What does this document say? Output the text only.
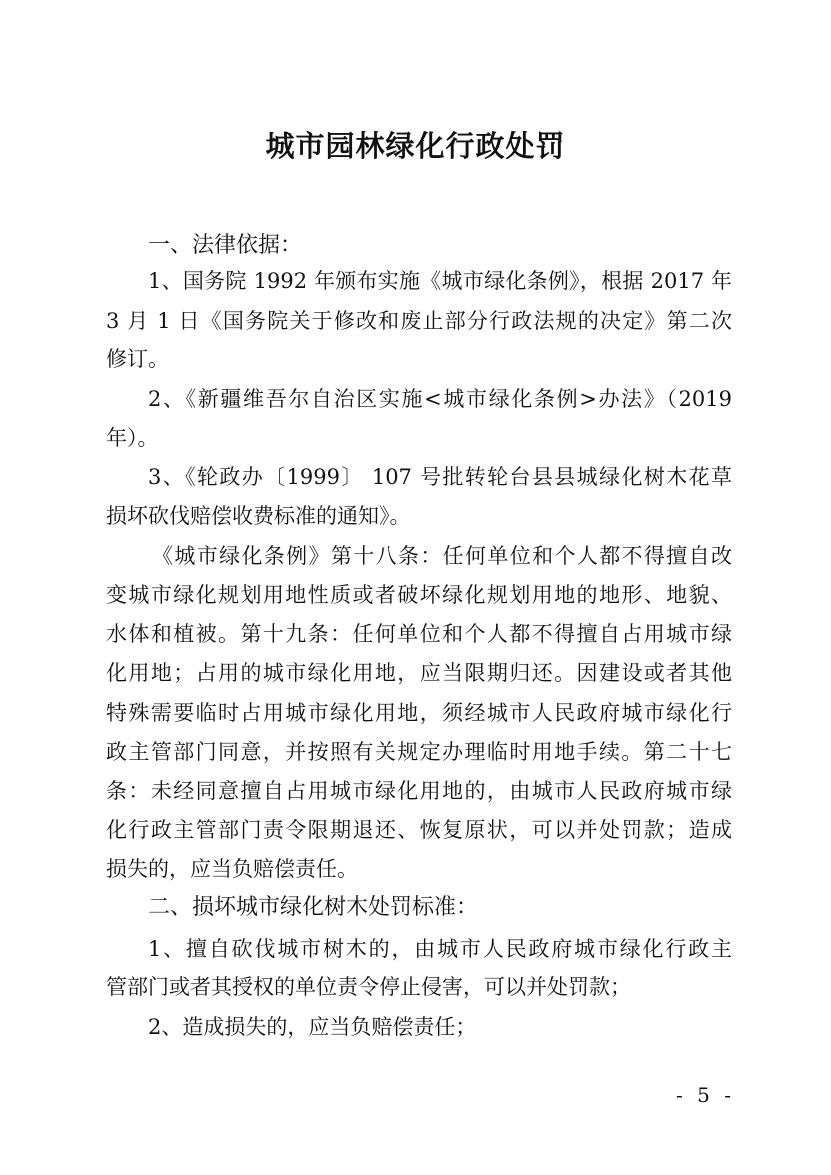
城市园林绿化行政处罚
一、法律依据：
1、国务院 1992 年颁布实施《城市绿化条例》，根据 2017 年
3 月 1 日《国务院关于修改和废止部分行政法规的决定》第二次
修订。
2、《新疆维吾尔自治区实施<城市绿化条例>办法》（2019
年）。
3、《轮政办〔1999〕 107 号批转轮台县县城绿化树木花草
损坏砍伐赔偿收费标准的通知》。
《城市绿化条例》第十八条：任何单位和个人都不得擅自改
变城市绿化规划用地性质或者破坏绿化规划用地的地形、地貌、
水体和植被。第十九条：任何单位和个人都不得擅自占用城市绿
化用地；占用的城市绿化用地，应当限期归还。因建设或者其他
特殊需要临时占用城市绿化用地，须经城市人民政府城市绿化行
政主管部门同意，并按照有关规定办理临时用地手续。第二十七
条：未经同意擅自占用城市绿化用地的，由城市人民政府城市绿
化行政主管部门责令限期退还、恢复原状，可以并处罚款；造成
损失的，应当负赔偿责任。
二、损坏城市绿化树木处罚标准：
1、擅自砍伐城市树木的，由城市人民政府城市绿化行政主
管部门或者其授权的单位责令停止侵害，可以并处罚款；
2、造成损失的，应当负赔偿责任；
- 5 -
